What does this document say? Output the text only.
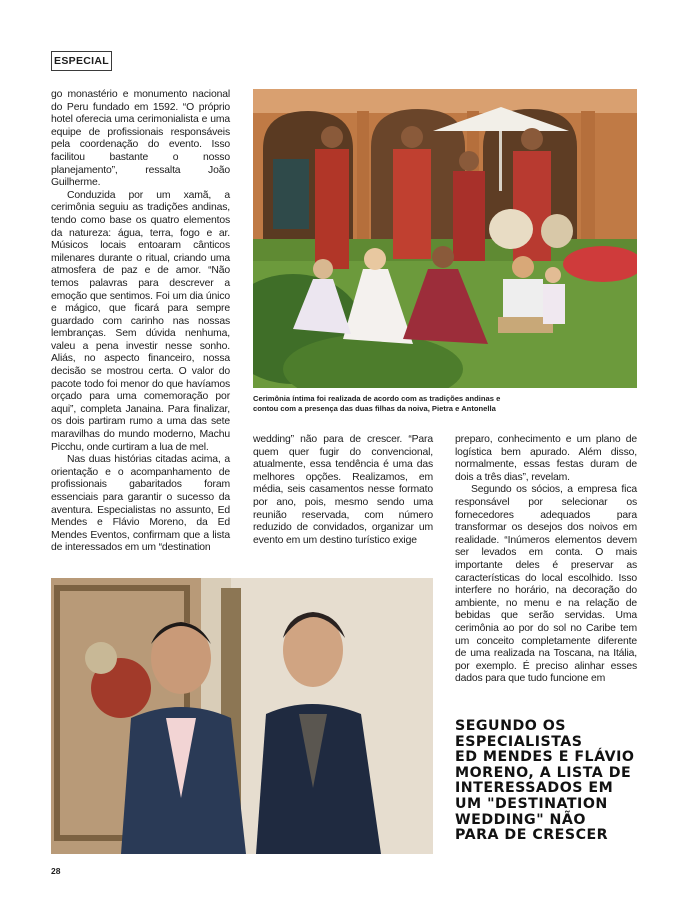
ESPECIAL

go monastério e monumento nacional do Peru fundado em 1592. “O próprio hotel oferecia uma cerimonialista e uma equipe de profissionais responsáveis pela coordenação do evento. Isso facilitou bastante o nosso planejamento”, ressalta João Guilherme.

Conduzida por um xamã, a cerimônia seguiu as tradições andinas, tendo como base os quatro elementos da natureza: água, terra, fogo e ar. Músicos locais entoaram cânticos milenares durante o ritual, criando uma atmosfera de paz e de amor. “Não temos palavras para descrever a emoção que sentimos. Foi um dia único e mágico, que ficará para sempre guardado com carinho nas nossas lembranças. Sem dúvida nenhuma, valeu a pena investir nesse sonho. Aliás, no aspecto financeiro, nossa decisão se mostrou certa. O valor do pacote todo foi menor do que havíamos orçado para uma comemoração por aqui”, completa Janaina. Para finalizar, os dois partiram rumo a uma das sete maravilhas do mundo moderno, Machu Picchu, onde curtiram a lua de mel.

Nas duas histórias citadas acima, a orientação e o acompanhamento de profissionais gabaritados foram essenciais para garantir o sucesso da aventura. Especialistas no assunto, Ed Mendes e Flávio Moreno, da Ed Mendes Eventos, confirmam que a lista de interessados em um “destination

Cerimônia íntima foi realizada de acordo com as tradições andinas e
contou com a presença das duas filhas da noiva, Pietra e Antonella

wedding” não para de crescer. “Para quem quer fugir do convencional, atualmente, essa tendência é uma das melhores opções. Realizamos, em média, seis casamentos nesse formato por ano, pois, mesmo sendo uma reunião reservada, com número reduzido de convidados, organizar um evento em um destino turístico exige

preparo, conhecimento e um plano de logística bem apurado. Além disso, normalmente, essas festas duram de dois a três dias”, revelam.

Segundo os sócios, a empresa fica responsável por selecionar os fornecedores adequados para transformar os desejos dos noivos em realidade. “Inúmeros elementos devem ser levados em conta. O mais importante deles é preservar as características do local escolhido. Isso interfere no horário, na decoração do ambiente, no menu e na relação de bebidas que serão servidas. Uma cerimônia ao por do sol no Caribe tem um conceito completamente diferente de uma realizada na Toscana, na Itália, por exemplo. É preciso alinhar esses dados para que tudo funcione em

SEGUNDO OS
ESPECIALISTAS
ED MENDES E FLÁVIO
MORENO, A LISTA DE
INTERESSADOS EM
UM "DESTINATION
WEDDING" NÃO
PARA DE CRESCER
28
